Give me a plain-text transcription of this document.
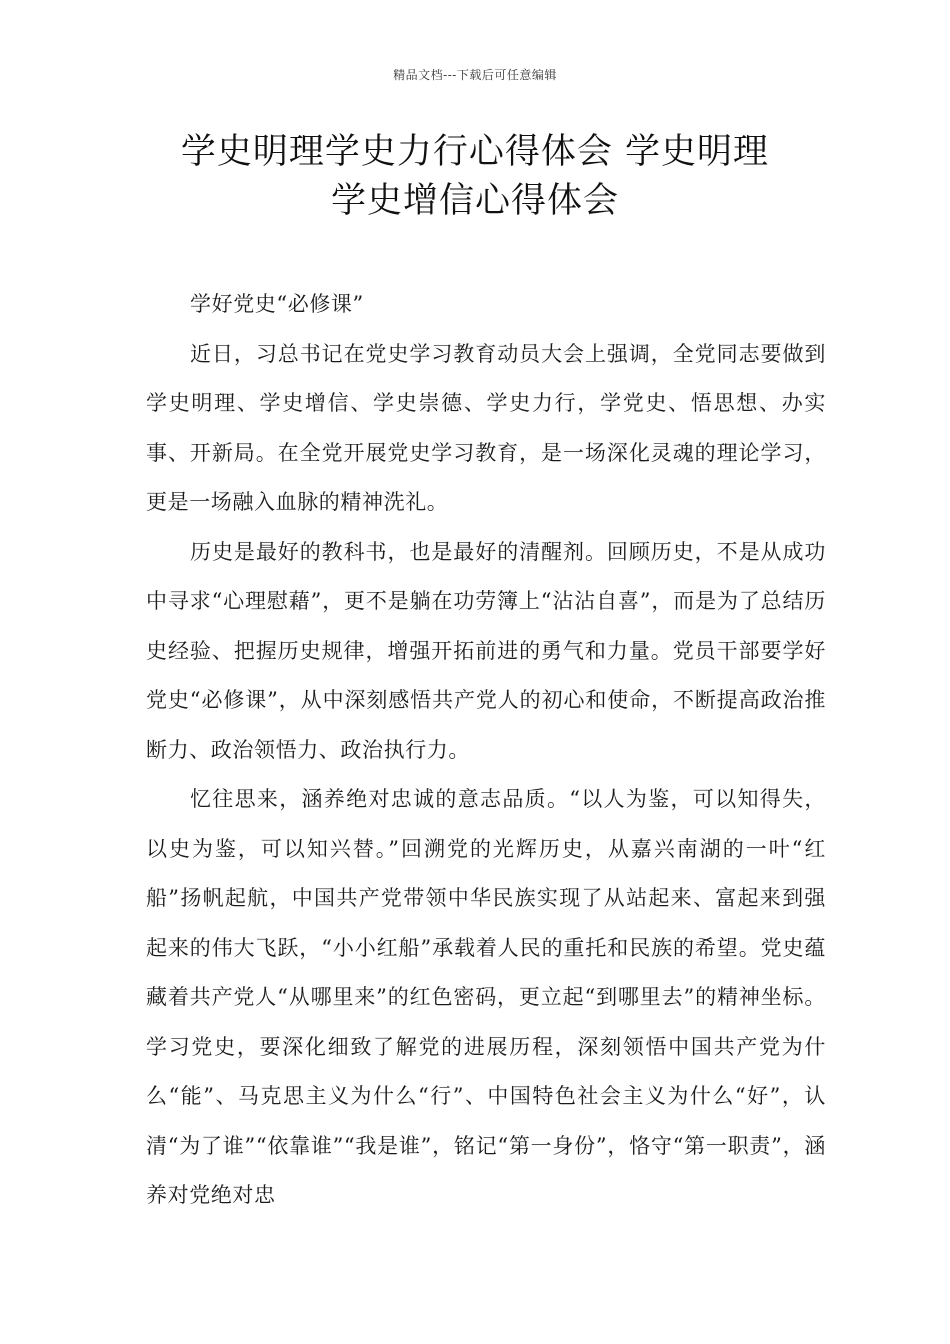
精品文档---下载后可任意编辑
学史明理学史力行心得体会 学史明理
学史增信心得体会

学好党史“必修课”

近日，习总书记在党史学习教育动员大会上强调，全党同志要做到学史明理、学史增信、学史崇德、学史力行，学党史、悟思想、办实事、开新局。在全党开展党史学习教育，是一场深化灵魂的理论学习，更是一场融入血脉的精神洗礼。

历史是最好的教科书，也是最好的清醒剂。回顾历史，不是从成功中寻求“心理慰藉”，更不是躺在功劳簿上“沾沾自喜”，而是为了总结历史经验、把握历史规律，增强开拓前进的勇气和力量。党员干部要学好党史“必修课”，从中深刻感悟共产党人的初心和使命，不断提高政治推断力、政治领悟力、政治执行力。

忆往思来，涵养绝对忠诚的意志品质。“以人为鉴，可以知得失，以史为鉴，可以知兴替。”回溯党的光辉历史，从嘉兴南湖的一叶“红船”扬帆起航，中国共产党带领中华民族实现了从站起来、富起来到强起来的伟大飞跃，“小小红船”承载着人民的重托和民族的希望。党史蕴藏着共产党人“从哪里来”的红色密码，更立起“到哪里去”的精神坐标。学习党史，要深化细致了解党的进展历程，深刻领悟中国共产党为什么“能”、马克思主义为什么“行”、中国特色社会主义为什么“好”，认清“为了谁”“依靠谁”“我是谁”，铭记“第一身份”，恪守“第一职责”，涵养对党绝对忠
